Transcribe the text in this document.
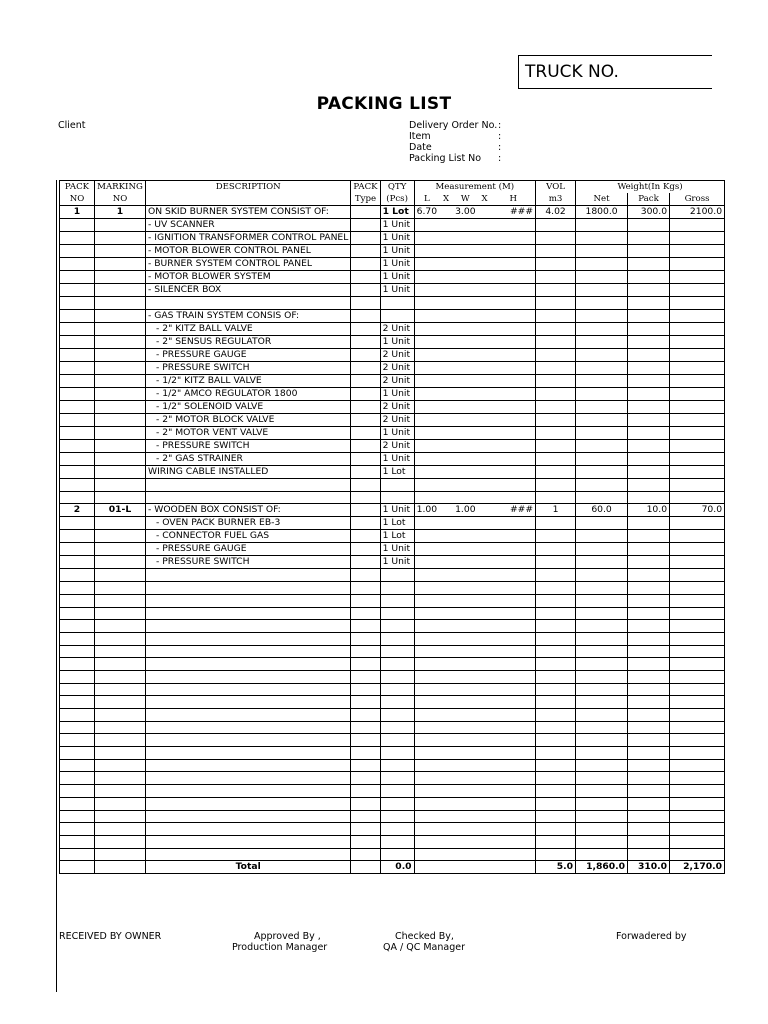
TRUCK NO.
PACKING LIST
Client	Delivery Order No. :
Item	:
Date	:
Packing List No :
PACK	MARKING	DESCRIPTION	PACK	QTY	Measurement (M)					VOL	Weight(In Kgs)		
NO	NO		Type	(Pcs)	L	X	W	X	H	m3	Net	Pack	Gross
1	1	ON SKID BURNER SYSTEM CONSIST OF:		1 Lot	6.70		3.00		###	4.02	1800.0	300.0	2100.0
		- UV SCANNER		1 Unit									
		- IGNITION TRANSFORMER CONTROL PANEL		1 Unit									
		- MOTOR BLOWER CONTROL PANEL		1 Unit									
		- BURNER SYSTEM CONTROL PANEL		1 Unit									
		- MOTOR BLOWER SYSTEM		1 Unit									
		- SILENCER BOX		1 Unit									

		- GAS TRAIN SYSTEM CONSIS OF:											
		- 2" KITZ BALL VALVE		2 Unit									
		- 2" SENSUS REGULATOR		1 Unit									
		- PRESSURE GAUGE		2 Unit									
		- PRESSURE SWITCH		2 Unit									
		- 1/2" KITZ BALL VALVE		2 Unit									
		- 1/2" AMCO REGULATOR 1800		1 Unit									
		- 1/2" SOLENOID VALVE		2 Unit									
		- 2" MOTOR BLOCK VALVE		2 Unit									
		- 2" MOTOR VENT VALVE		1 Unit									
		- PRESSURE SWITCH		2 Unit									
		- 2" GAS STRAINER		1 Unit									
		WIRING CABLE INSTALLED		1 Lot									

2	01-L	- WOODEN BOX CONSIST OF:		1 Unit	1.00		1.00		###	1	60.0	10.0	70.0
		- OVEN PACK BURNER EB-3		1 Lot									
		- CONNECTOR FUEL GAS		1 Lot									
		- PRESSURE GAUGE		1 Unit									
		- PRESSURE SWITCH		1 Unit									

		Total		0.0						5.0	1,860.0	310.0	2,170.0
RECEIVED BY OWNER	Approved By ,
Production Manager
Checked By,
QA / QC Manager
Forwadered by
